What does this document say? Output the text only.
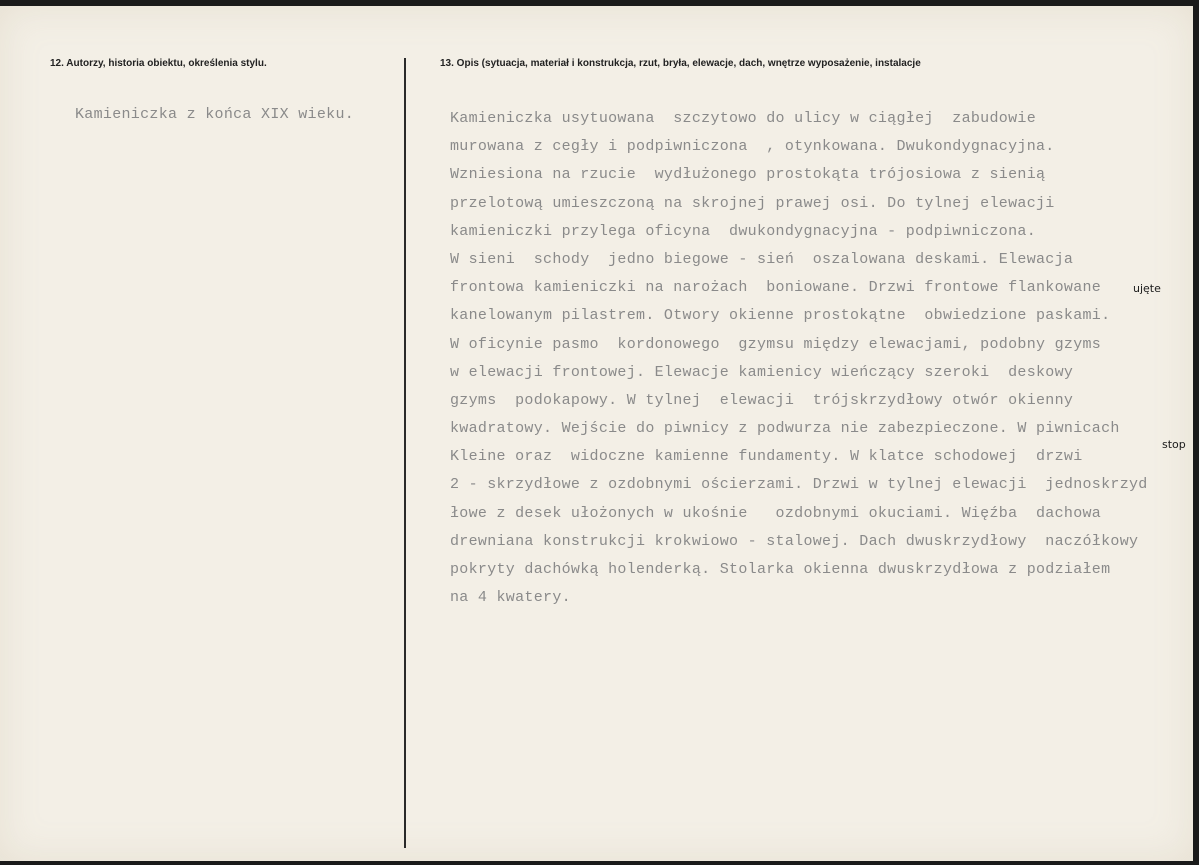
12. Autorzy, historia obiektu, określenia stylu.
Kamieniczka z końca XIX wieku.
13. Opis (sytuacja, materiał i konstrukcja, rzut, bryła, elewacje, dach, wnętrze wyposażenie, instalacje
Kamieniczka usytuowana  szczytowo do ulicy w ciągłej  zabudowie
murowana z cegły i podpiwniczona  , otynkowana. Dwukondygnacyjna.
Wzniesiona na rzucie  wydłużonego prostokąta trójosiowa z sienią
przelotową umieszczoną na skrojnej prawej osi. Do tylnej elewacji
kamieniczki przylega oficyna  dwukondygnacyjna - podpiwniczona.
W sieni  schody  jedno biegowe - sień  oszalowana deskami. Elewacja
frontowa kamieniczki na narożach  boniowane. Drzwi frontowe flankowane
kanelowanym pilastrem. Otwory okienne prostokątne  obwiedzione paskami.
W oficynie pasmo  kordonowego  gzymsu między elewacjami, podobny gzyms
w elewacji frontowej. Elewacje kamienicy wieńczący szeroki  deskowy
gzyms  podokapowy. W tylnej  elewacji  trójskrzydłowy otwór okienny
kwadratowy. Wejście do piwnicy z podwurza nie zabezpieczone. W piwnicach
Kleine oraz  widoczne kamienne fundamenty. W klatce schodowej  drzwi
2 - skrzydłowe z ozdobnymi ościerzami. Drzwi w tylnej elewacji  jednoskrzyd
łowe z desek ułożonych w ukośnie   ozdobnymi okuciami. Więźba  dachowa
drewniana konstrukcji krokwiowo - stalowej. Dach dwuskrzydłowy  naczółkowy
pokryty dachówką holenderką. Stolarka okienna dwuskrzydłowa z podziałem
na 4 kwatery.
ujęte
stop
